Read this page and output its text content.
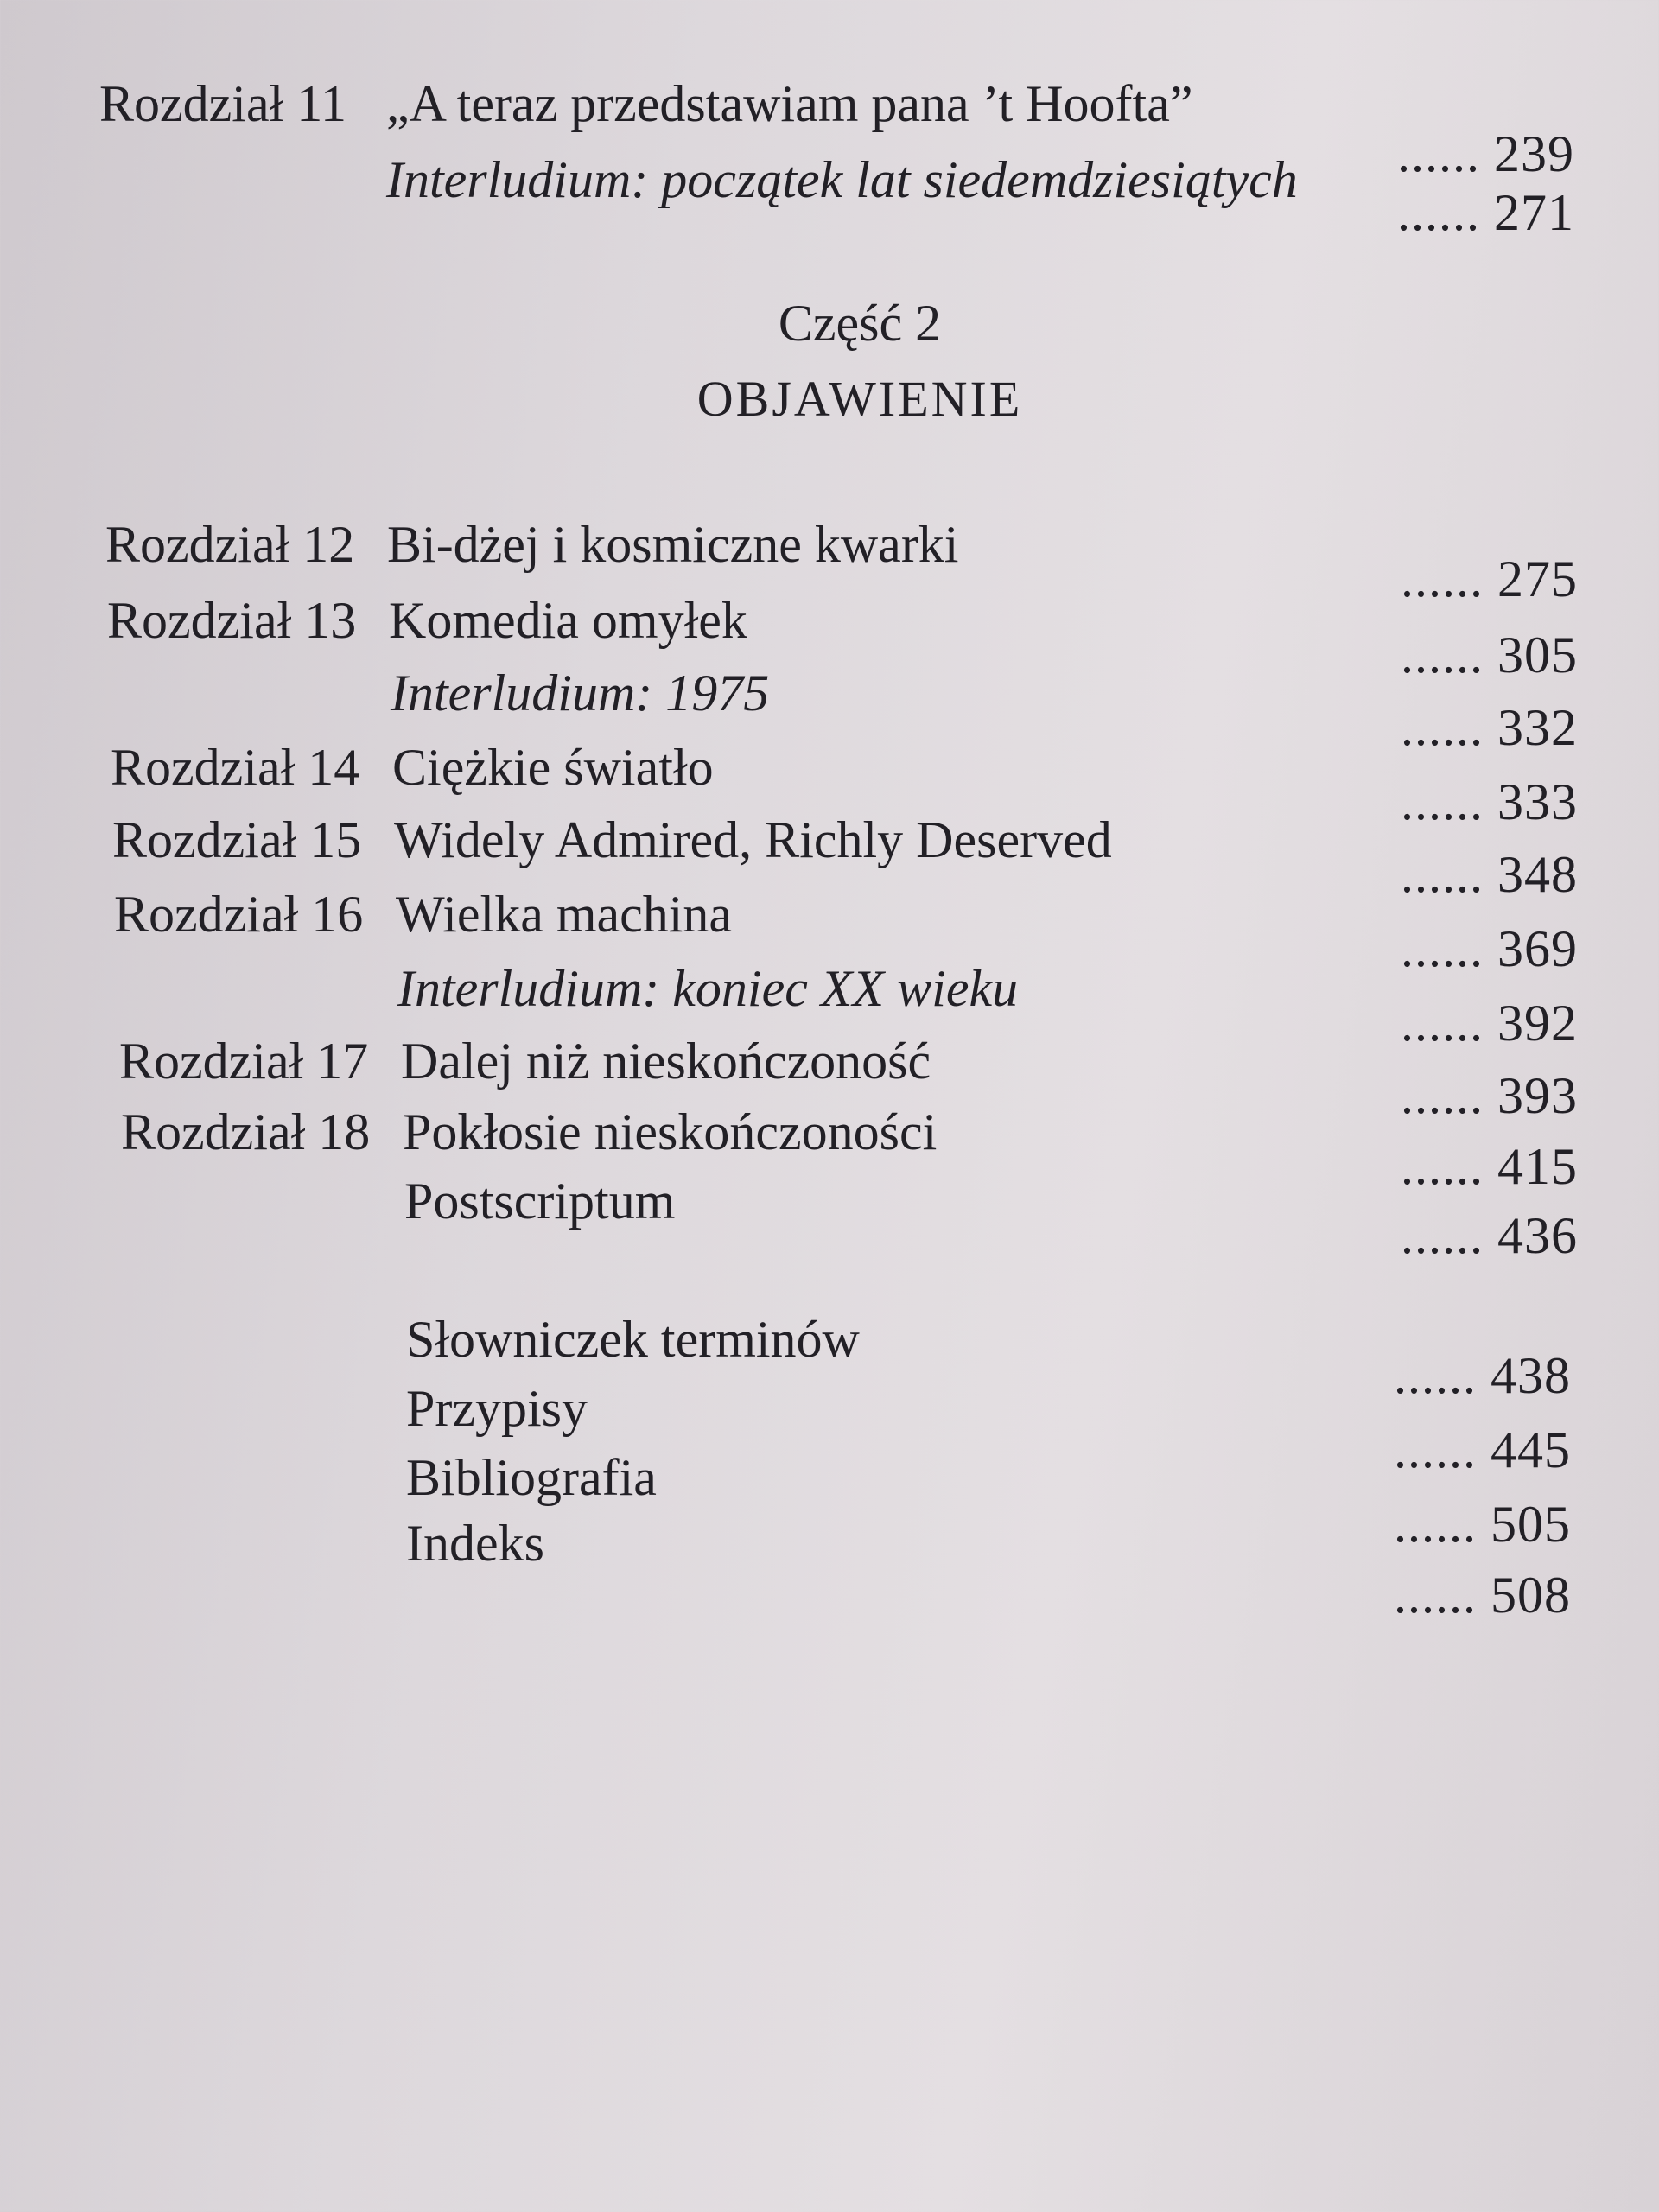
Rozdział 11 „A teraz przedstawiam pana ’t Hoofta”
...... 239
Interludium: początek lat siedemdziesiątych
...... 271
Część 2
OBJAWIENIE
Rozdział 12 Bi-dżej i kosmiczne kwarki
...... 275
Rozdział 13 Komedia omyłek
...... 305
Interludium: 1975
...... 332
Rozdział 14 Ciężkie światło
...... 333
Rozdział 15 Widely Admired, Richly Deserved
...... 348
Rozdział 16 Wielka machina
...... 369
Interludium: koniec XX wieku
...... 392
Rozdział 17 Dalej niż nieskończoność
...... 393
Rozdział 18 Pokłosie nieskończoności
...... 415
Postscriptum
...... 436
Słowniczek terminów
...... 438
Przypisy
...... 445
Bibliografia
...... 505
Indeks
...... 508
